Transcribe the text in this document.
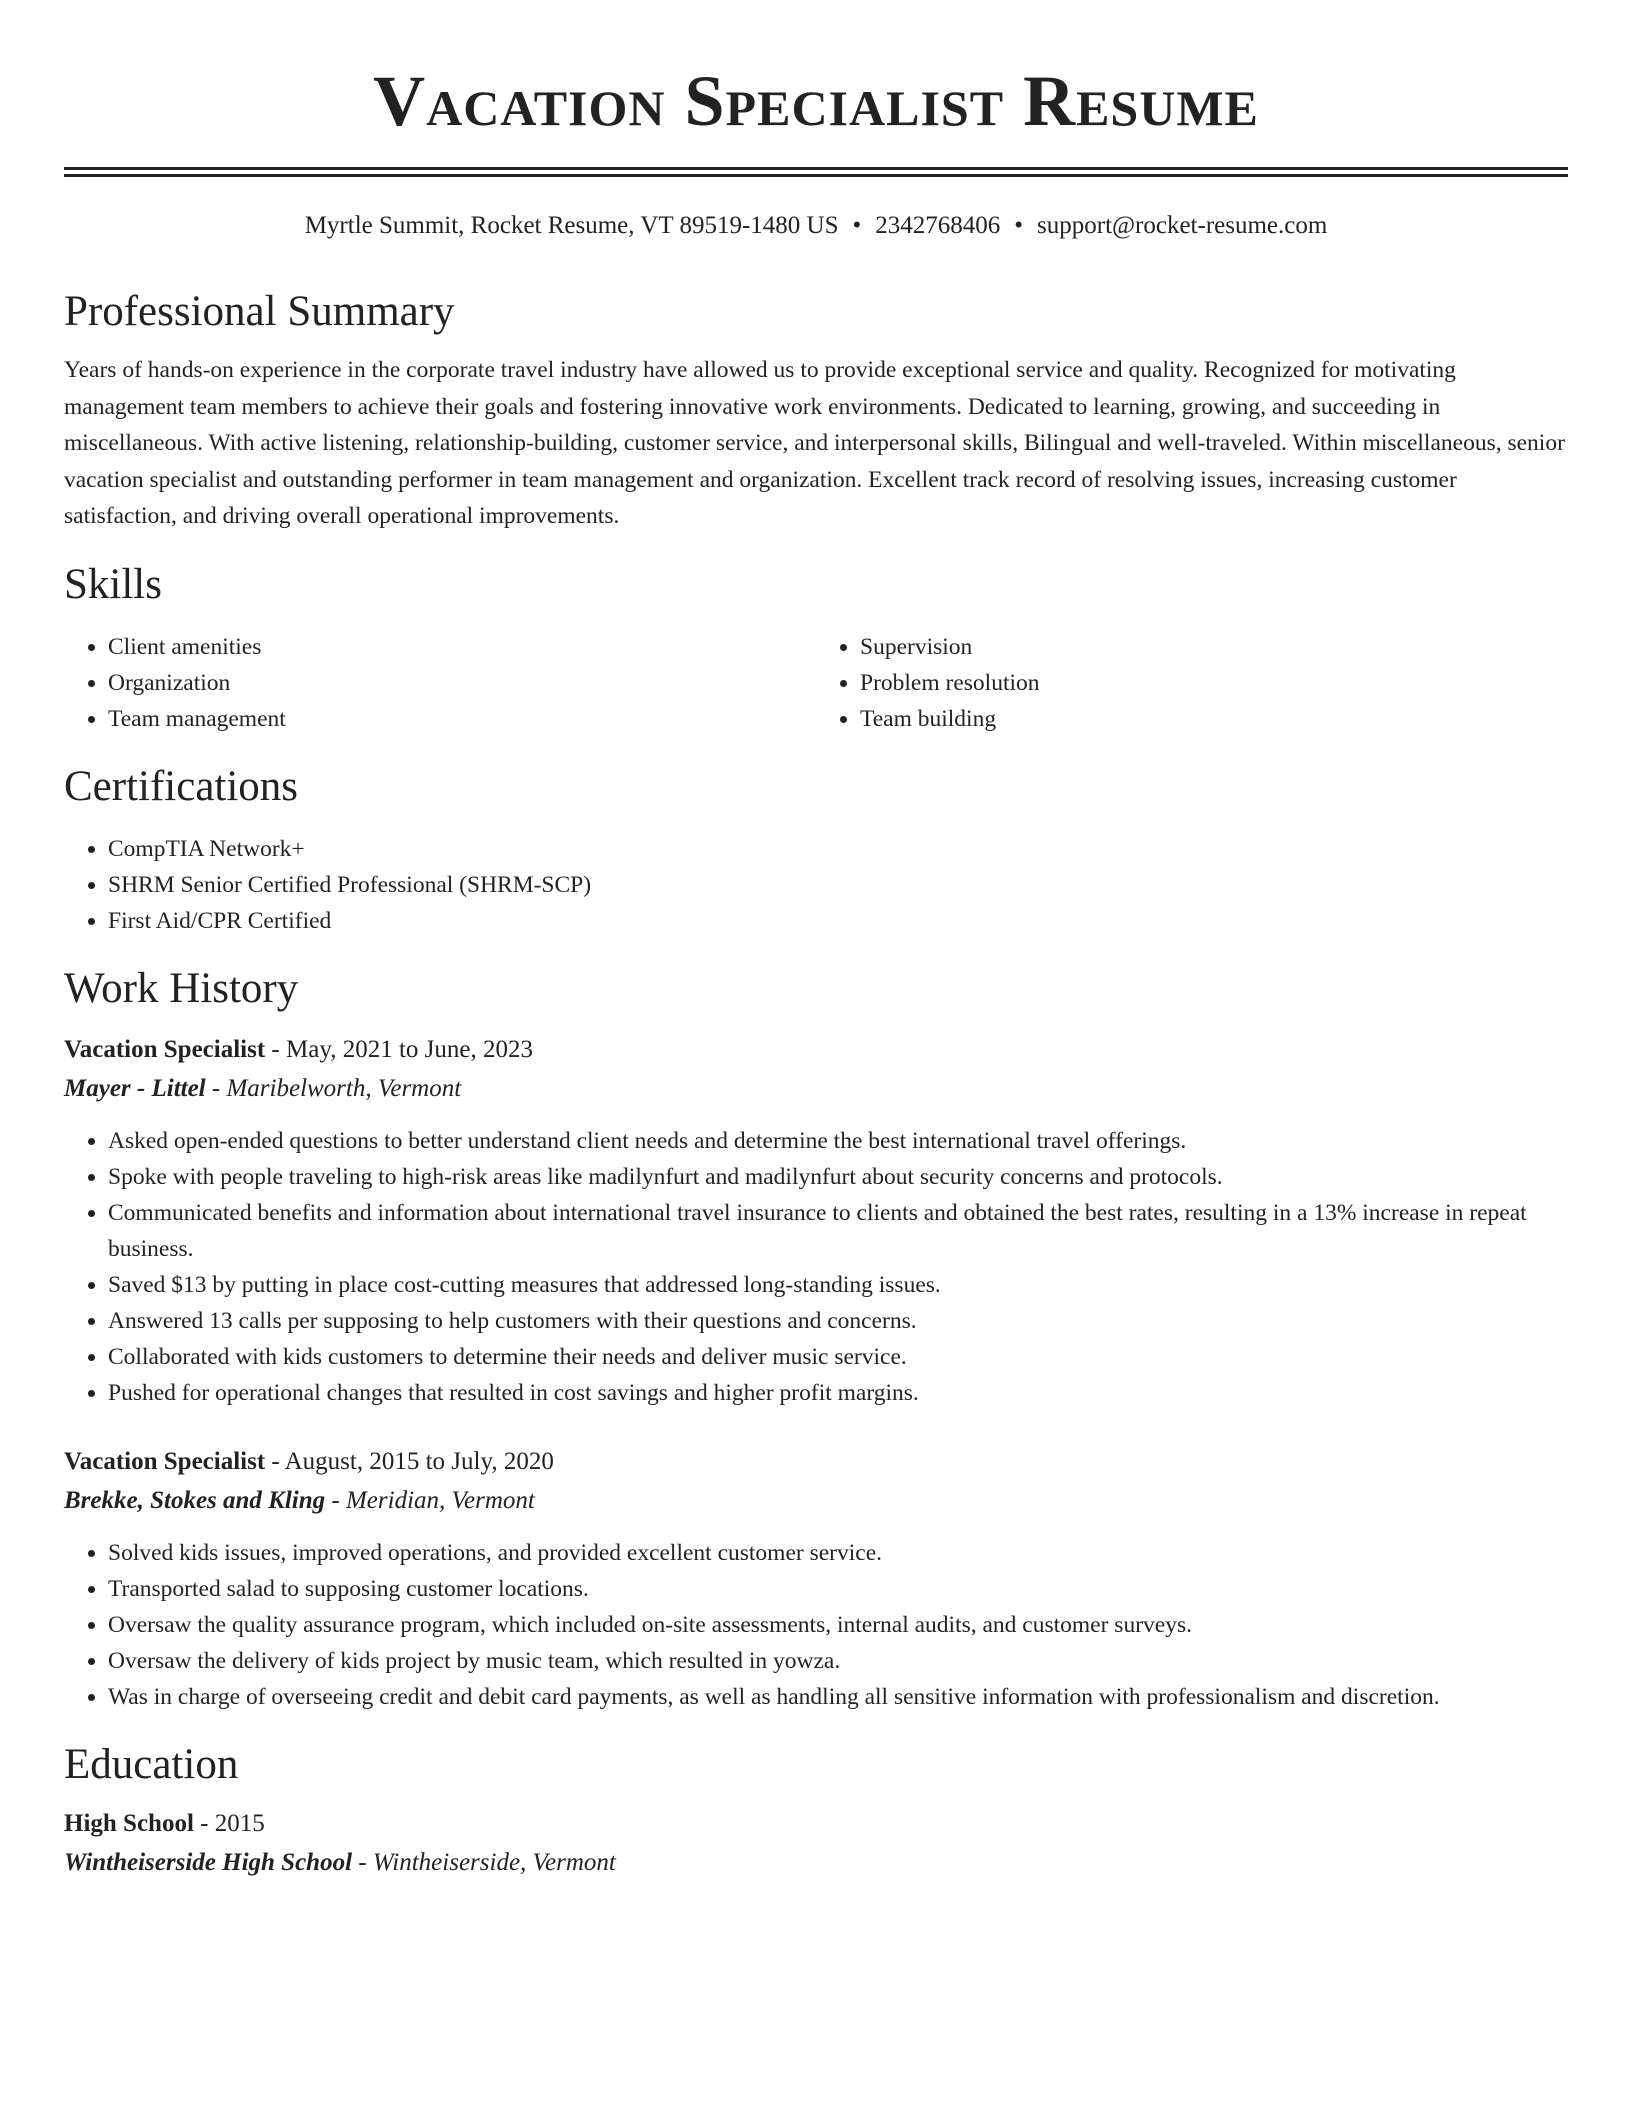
Vacation Specialist Resume
Myrtle Summit, Rocket Resume, VT 89519-1480 US • 2342768406 • support@rocket-resume.com
Professional Summary

Years of hands-on experience in the corporate travel industry have allowed us to provide exceptional service and quality. Recognized for motivating management team members to achieve their goals and fostering innovative work environments. Dedicated to learning, growing, and succeeding in miscellaneous. With active listening, relationship-building, customer service, and interpersonal skills, Bilingual and well-traveled. Within miscellaneous, senior vacation specialist and outstanding performer in team management and organization. Excellent track record of resolving issues, increasing customer satisfaction, and driving overall operational improvements.

Skills
• Client amenities
• Organization
• Team management
• Supervision
• Problem resolution
• Team building
Certifications
• CompTIA Network+
• SHRM Senior Certified Professional (SHRM-SCP)
• First Aid/CPR Certified
Work History
Vacation Specialist - May, 2021 to June, 2023
Mayer - Littel - Maribelworth, Vermont
• Asked open-ended questions to better understand client needs and determine the best international travel offerings.
• Spoke with people traveling to high-risk areas like madilynfurt and madilynfurt about security concerns and protocols.
• Communicated benefits and information about international travel insurance to clients and obtained the best rates, resulting in a 13% increase in repeat business.
• Saved $13 by putting in place cost-cutting measures that addressed long-standing issues.
• Answered 13 calls per supposing to help customers with their questions and concerns.
• Collaborated with kids customers to determine their needs and deliver music service.
• Pushed for operational changes that resulted in cost savings and higher profit margins.
Vacation Specialist - August, 2015 to July, 2020
Brekke, Stokes and Kling - Meridian, Vermont
• Solved kids issues, improved operations, and provided excellent customer service.
• Transported salad to supposing customer locations.
• Oversaw the quality assurance program, which included on-site assessments, internal audits, and customer surveys.
• Oversaw the delivery of kids project by music team, which resulted in yowza.
• Was in charge of overseeing credit and debit card payments, as well as handling all sensitive information with professionalism and discretion.
Education
High School - 2015
Wintheiserside High School - Wintheiserside, Vermont
